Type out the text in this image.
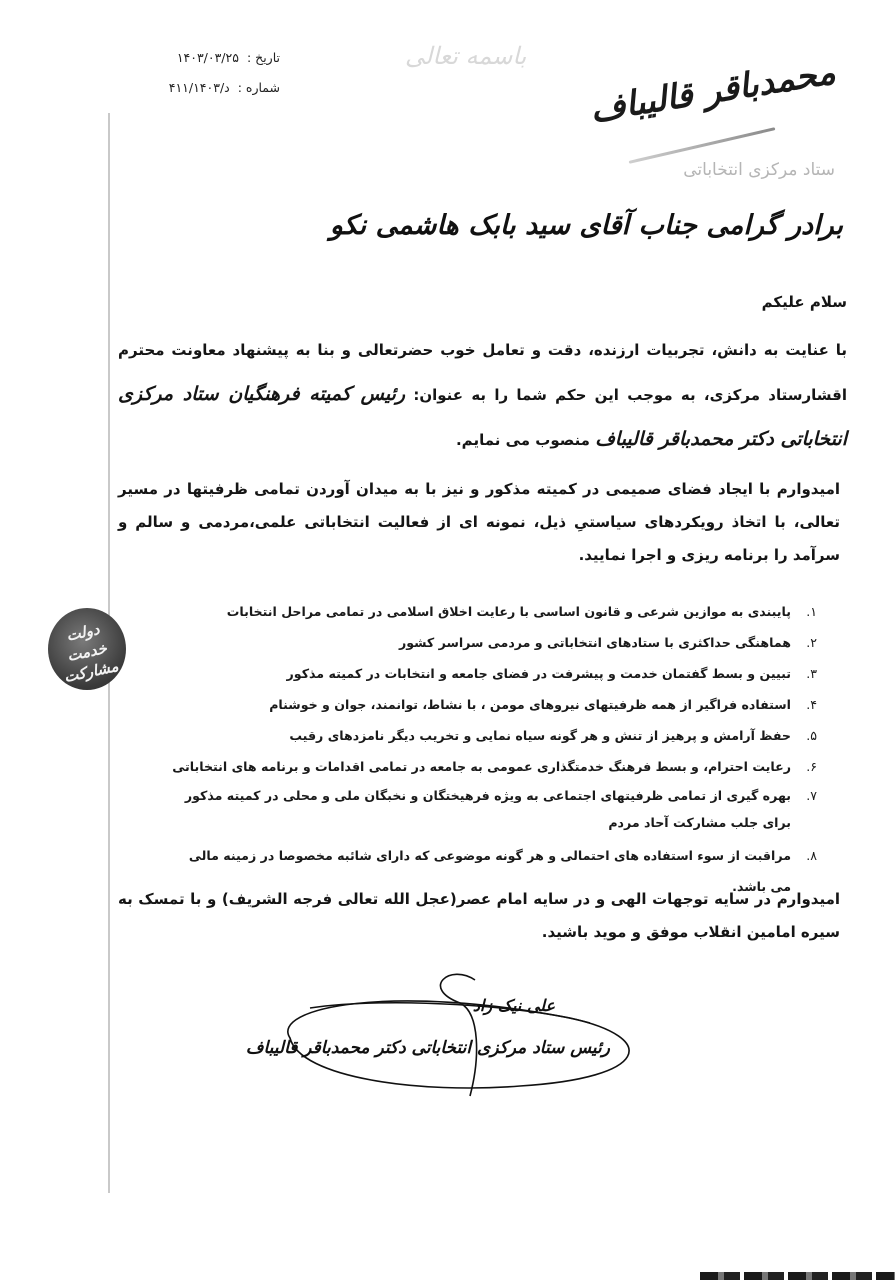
تاریخ : ۱۴۰۳/۰۳/۲۵
شماره : د/۴۱۱/۱۴۰۳
باسمه تعالی محمدباقر قالیباف
ستاد مرکزی انتخاباتی
برادر گرامی جناب آقای سید بابک هاشمی نکو
سلام علیکم
با عنایت به دانش، تجربیات ارزنده، دقت و تعامل خوب حضرتعالی و بنا به پیشنهاد معاونت محترم اقشارستاد مرکزی، به موجب این حکم شما را به عنوان: رئیس کمیته فرهنگیان ستاد مرکزی انتخاباتی دکتر محمدباقر قالیباف منصوب می نمایم.
امیدوارم با ایجاد فضای صمیمی در کمیته مذکور و نیز با به میدان آوردن تمامی ظرفیتها در مسیر تعالی، با اتخاذ رویکردهای سیاستیِ ذیل، نمونه ای از فعالیت انتخاباتی علمی،مردمی و سالم و سرآمد را برنامه ریزی و اجرا نمایید.
۱.
پایبندی به موازین شرعی و قانون اساسی با رعایت اخلاق اسلامی در تمامی مراحل انتخابات
۲.
هماهنگی حداکثری با ستادهای انتخاباتی و مردمی سراسر کشور
۳.
تبیین و بسط گفتمان خدمت و پیشرفت در فضای جامعه و انتخابات در کمیته مذکور
۴.
استفاده فراگیر از همه ظرفیتهای نیروهای مومن ، با نشاط، توانمند، جوان و خوشنام
۵.
حفظ آرامش و پرهیز از تنش و هر گونه سیاه نمایی و تخریب دیگر نامزدهای رقیب
۶.
رعایت احترام، و بسط فرهنگ خدمتگذاری عمومی به جامعه در تمامی اقدامات و برنامه های انتخاباتی
۷.
بهره گیری از تمامی ظرفیتهای اجتماعی به ویژه فرهیختگان و نخبگان ملی و محلی در کمیته مذکور برای جلب مشارکت آحاد مردم
۸.
مراقبت از سوء استفاده های احتمالی و هر گونه موضوعی که دارای شائبه مخصوصا در زمینه مالی می باشد.
امیدوارم در سایه توجهات الهی و در سایه امام عصر(عجل الله تعالی فرجه الشریف) و با تمسک به سیره امامین انقلاب موفق و موید باشید.
علی نیک زاد
رئیس ستاد مرکزی انتخاباتی دکتر محمدباقر قالیباف
دولت خدمت مشارکت
